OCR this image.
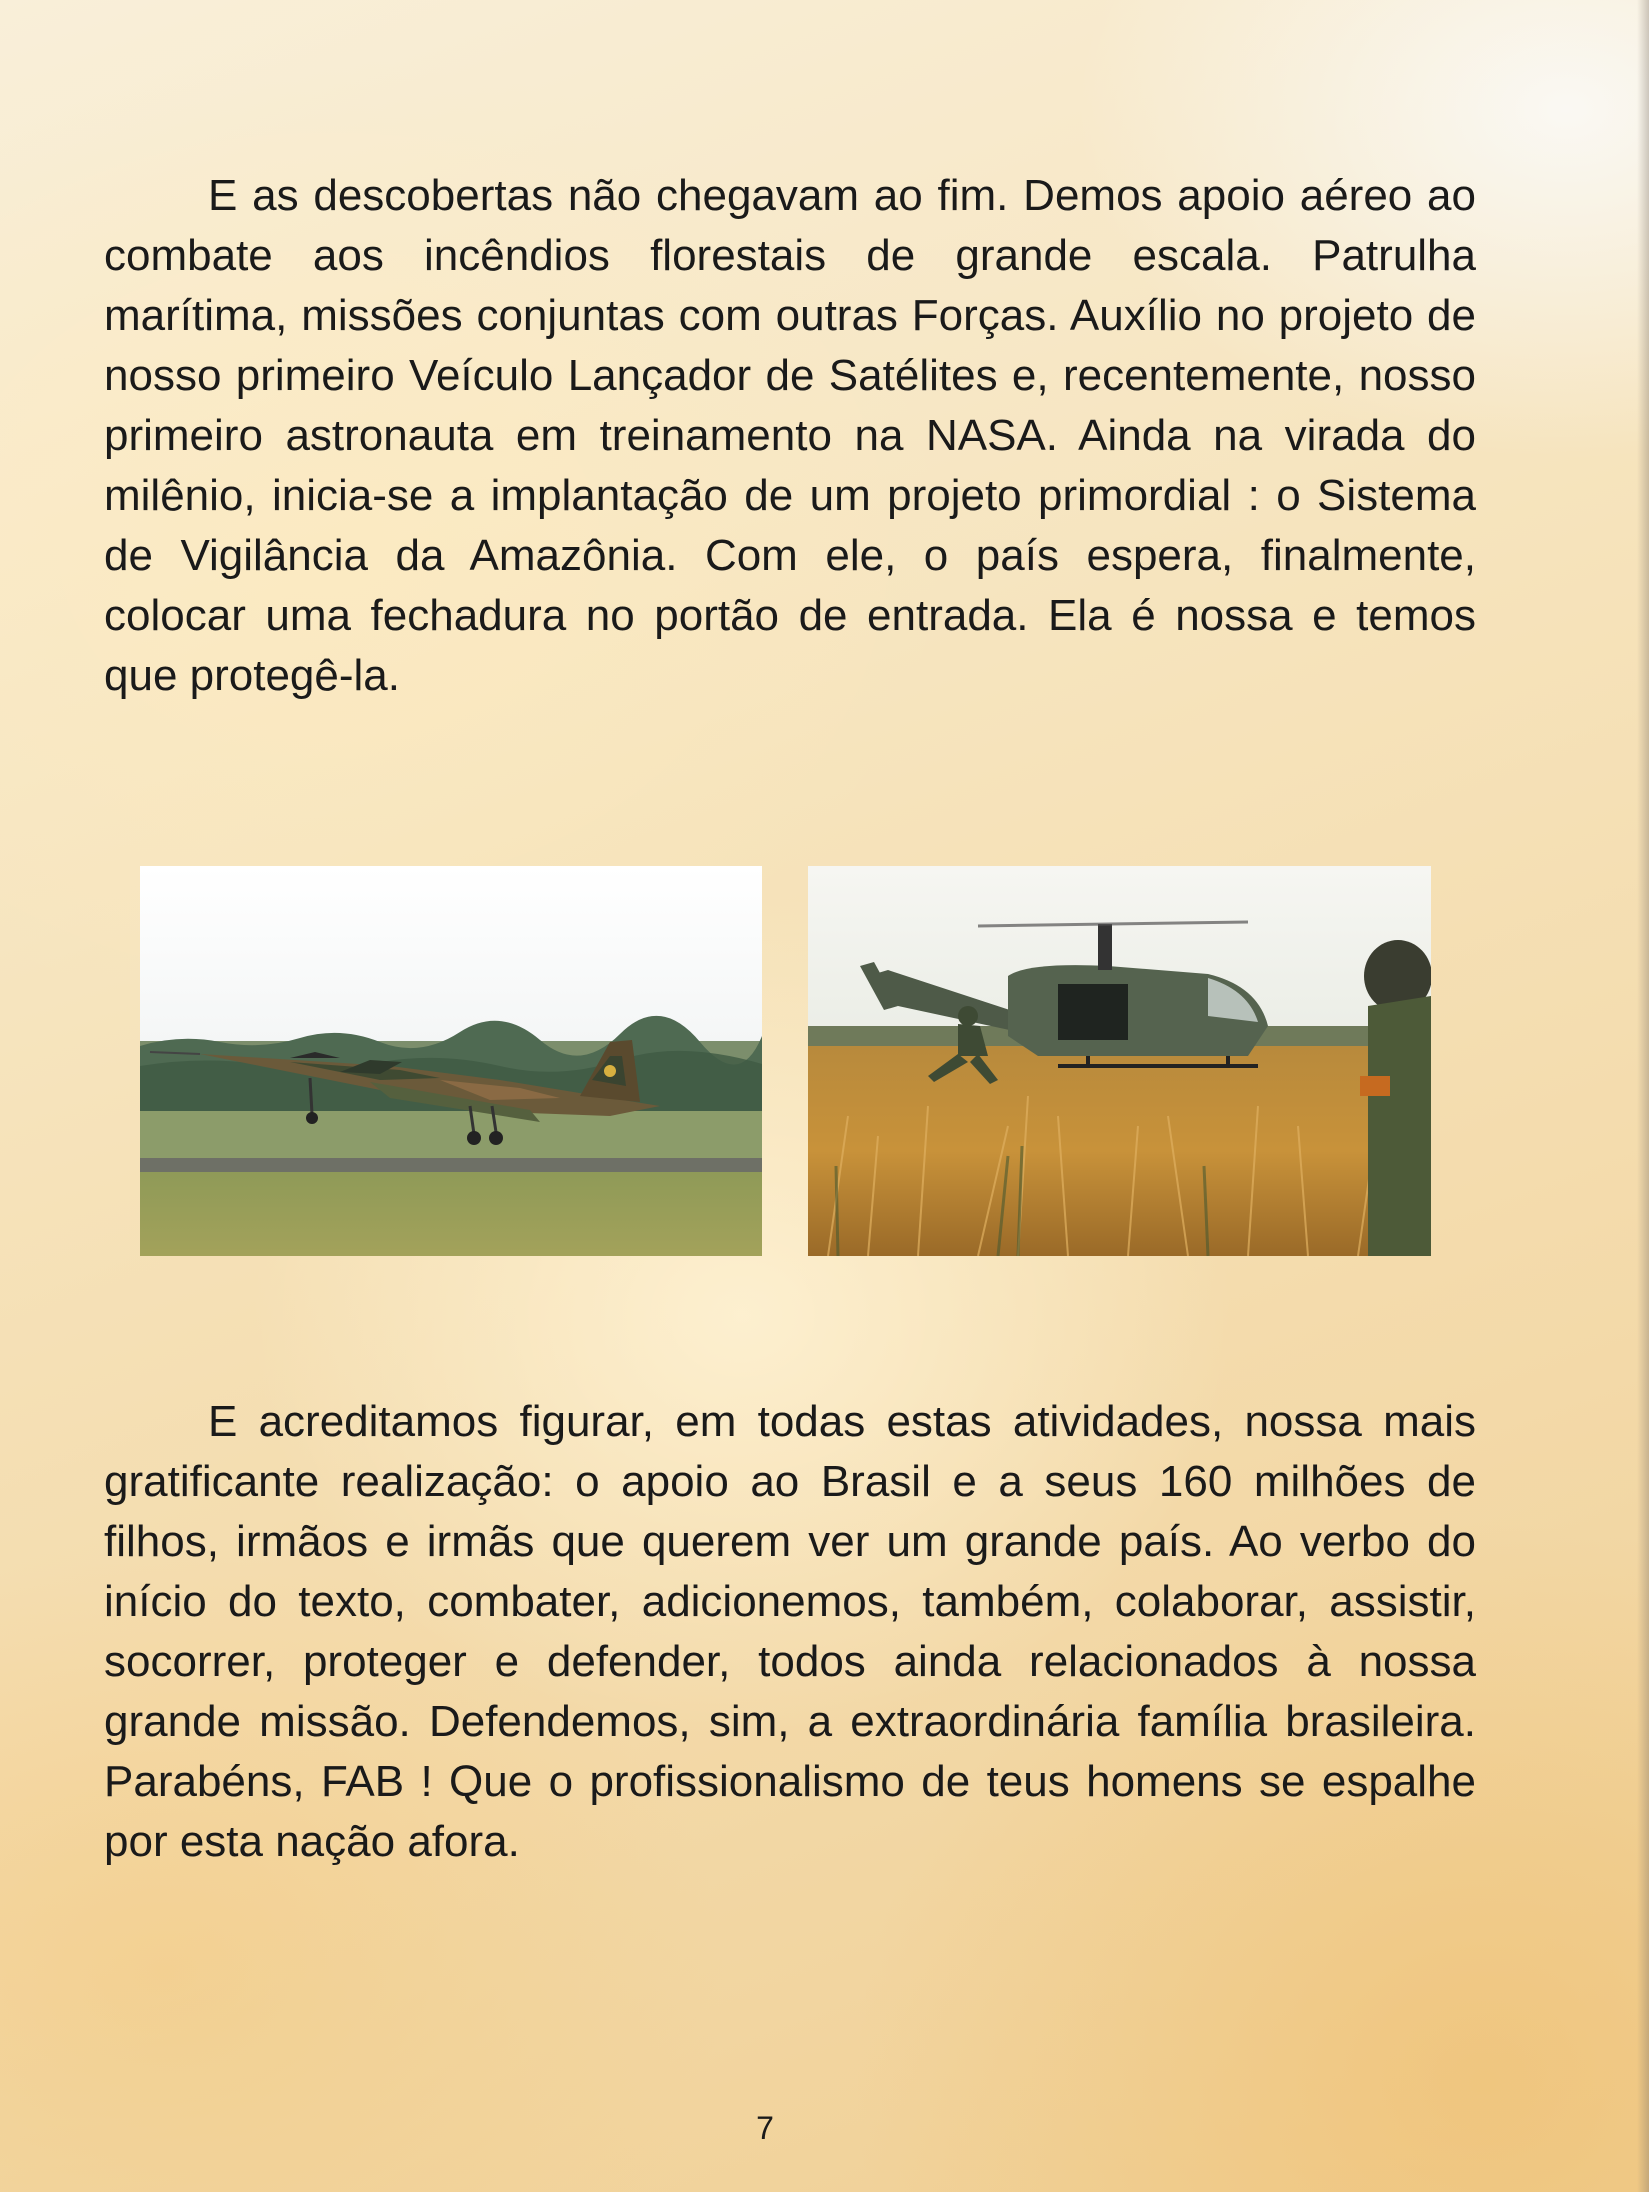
E as descobertas não chegavam ao fim. Demos apoio aéreo ao combate aos incêndios florestais de grande escala. Patrulha marítima, missões conjuntas com outras Forças. Auxílio no projeto de nosso primeiro Veículo Lançador de Satélites e, recentemente, nosso primeiro astronauta em treinamento na NASA. Ainda na virada do milênio, inicia-se a implantação de um projeto primordial : o Sistema de Vigilância da Amazônia. Com ele, o país espera, finalmente, colocar uma fechadura no portão de entrada. Ela é nossa e temos que protegê-la.

E acreditamos figurar, em todas estas atividades, nossa mais gratificante realização: o apoio ao Brasil e a seus 160 milhões de filhos, irmãos e irmãs que querem ver um grande país. Ao verbo do início do texto, combater, adicionemos, também, colaborar, assistir, socorrer, proteger e defender, todos ainda relacionados à nossa grande missão. Defendemos, sim, a extraordinária família brasileira. Parabéns, FAB ! Que o profissionalismo de teus homens se espalhe por esta nação afora.

7
